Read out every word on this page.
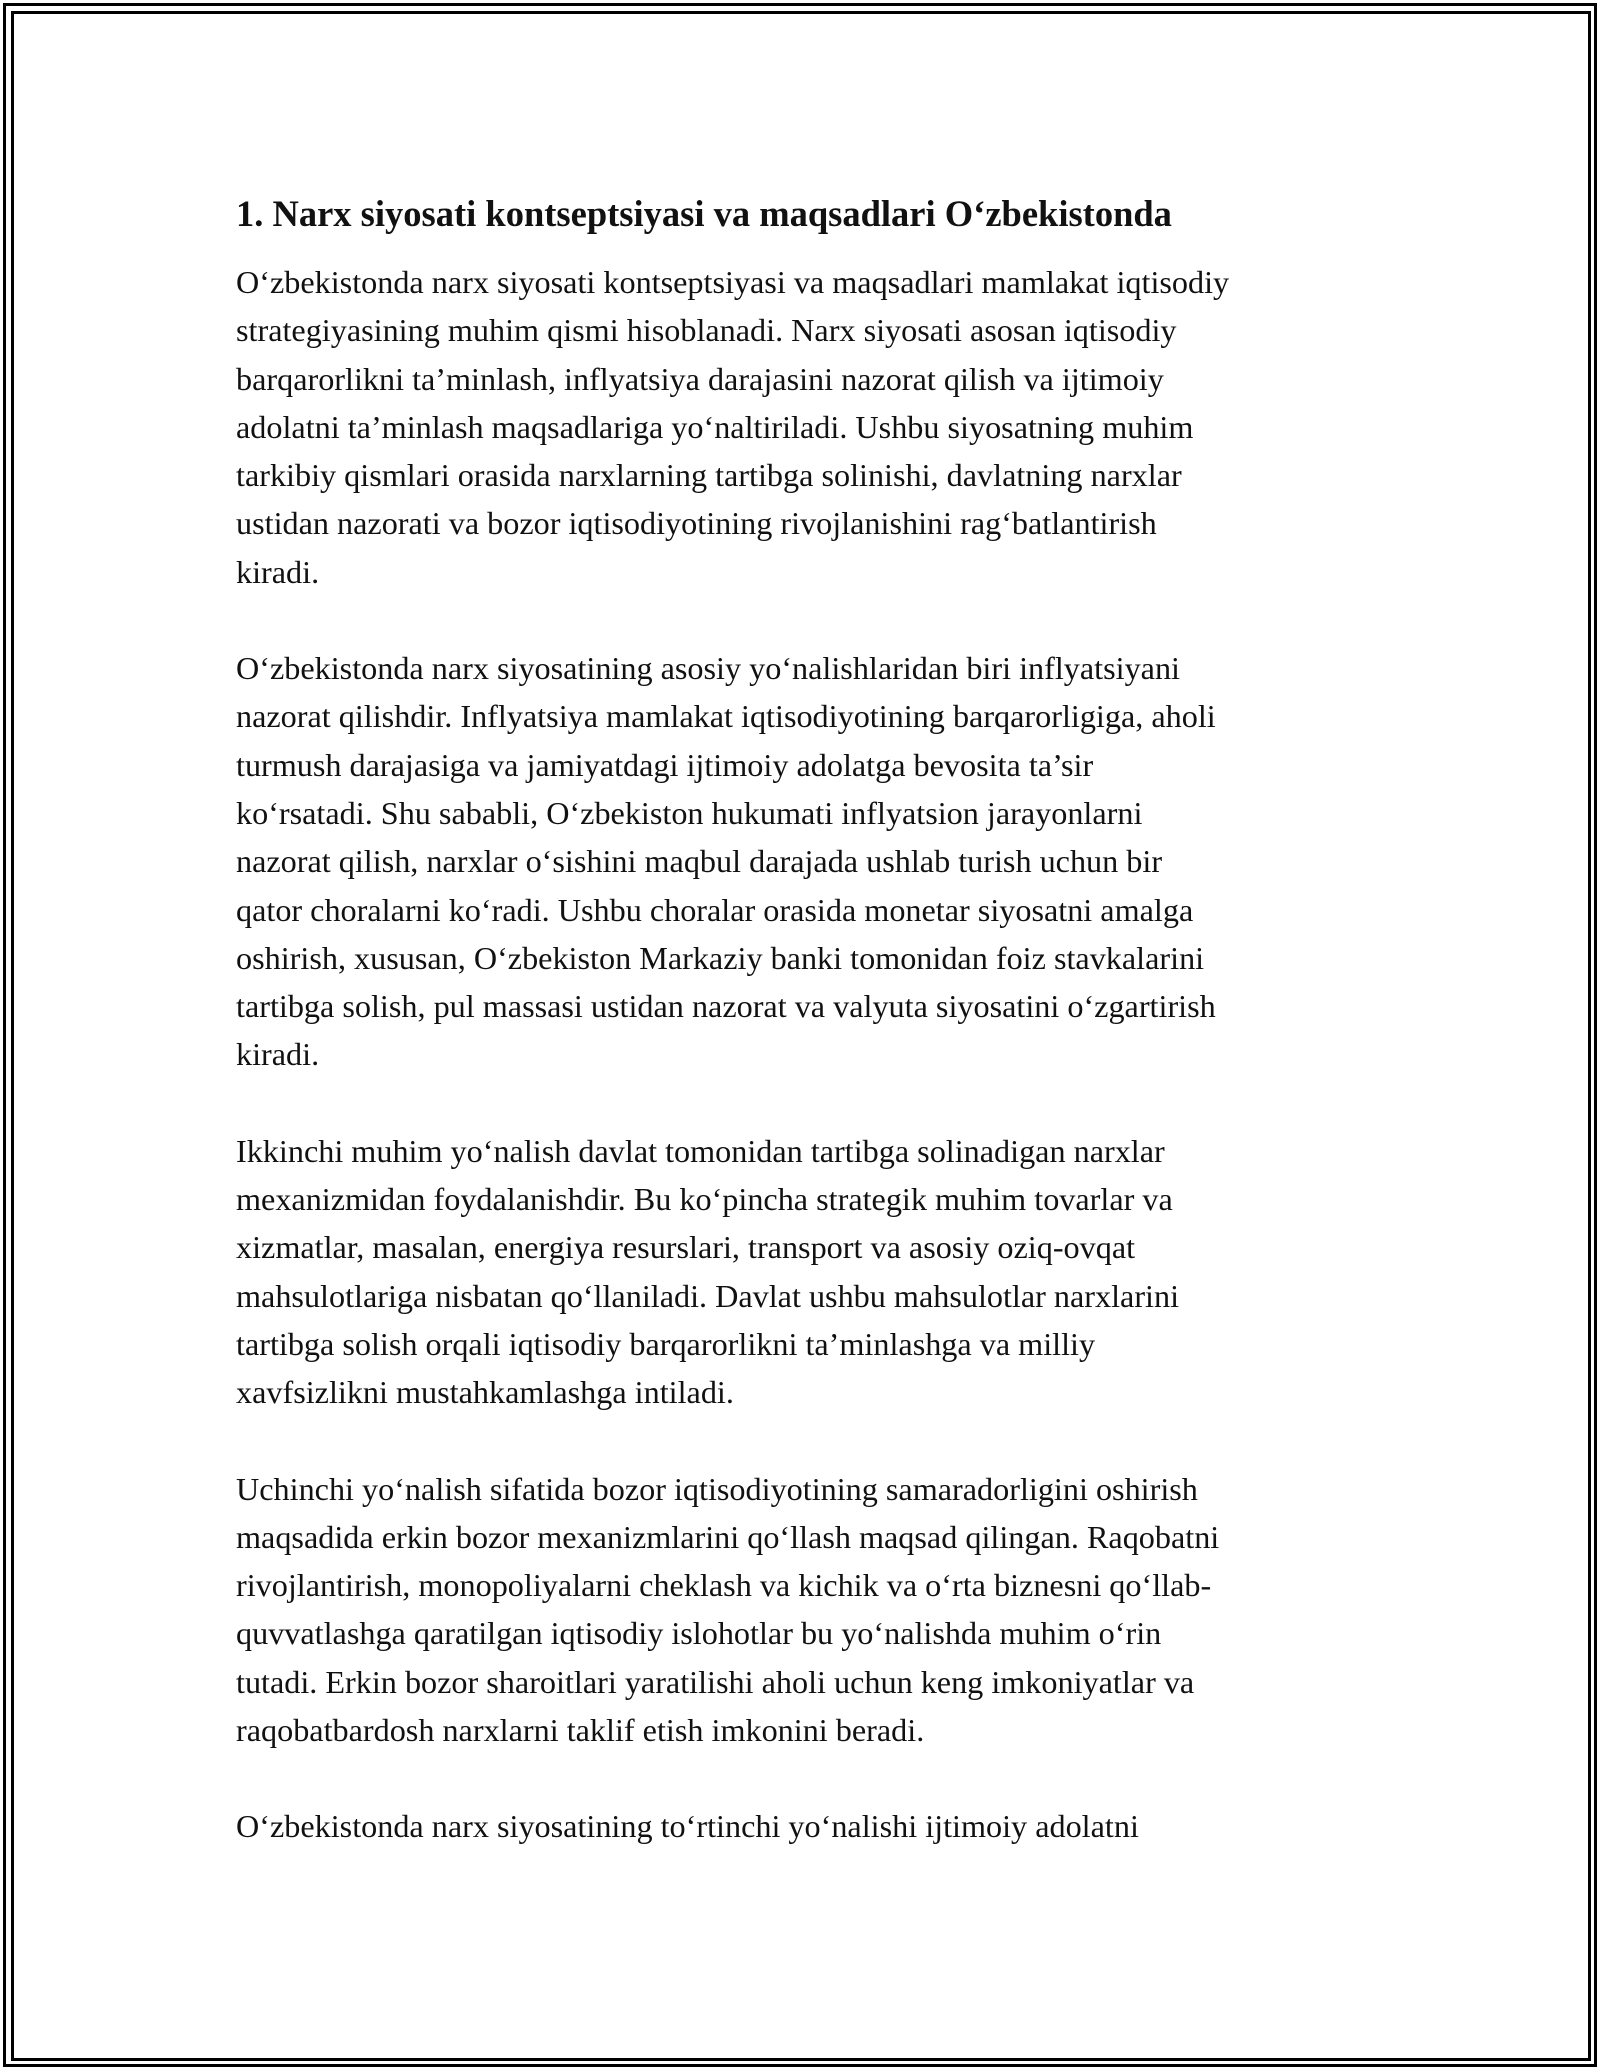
1. Narx siyosati kontseptsiyasi va maqsadlari O‘zbekistonda

O‘zbekistonda narx siyosati kontseptsiyasi va maqsadlari mamlakat iqtisodiy
strategiyasining muhim qismi hisoblanadi. Narx siyosati asosan iqtisodiy
barqarorlikni ta’minlash, inflyatsiya darajasini nazorat qilish va ijtimoiy
adolatni ta’minlash maqsadlariga yo‘naltiriladi. Ushbu siyosatning muhim
tarkibiy qismlari orasida narxlarning tartibga solinishi, davlatning narxlar
ustidan nazorati va bozor iqtisodiyotining rivojlanishini rag‘batlantirish
kiradi.

O‘zbekistonda narx siyosatining asosiy yo‘nalishlaridan biri inflyatsiyani
nazorat qilishdir. Inflyatsiya mamlakat iqtisodiyotining barqarorligiga, aholi
turmush darajasiga va jamiyatdagi ijtimoiy adolatga bevosita ta’sir
ko‘rsatadi. Shu sababli, O‘zbekiston hukumati inflyatsion jarayonlarni
nazorat qilish, narxlar o‘sishini maqbul darajada ushlab turish uchun bir
qator choralarni ko‘radi. Ushbu choralar orasida monetar siyosatni amalga
oshirish, xususan, O‘zbekiston Markaziy banki tomonidan foiz stavkalarini
tartibga solish, pul massasi ustidan nazorat va valyuta siyosatini o‘zgartirish
kiradi.

Ikkinchi muhim yo‘nalish davlat tomonidan tartibga solinadigan narxlar
mexanizmidan foydalanishdir. Bu ko‘pincha strategik muhim tovarlar va
xizmatlar, masalan, energiya resurslari, transport va asosiy oziq-ovqat
mahsulotlariga nisbatan qo‘llaniladi. Davlat ushbu mahsulotlar narxlarini
tartibga solish orqali iqtisodiy barqarorlikni ta’minlashga va milliy
xavfsizlikni mustahkamlashga intiladi.

Uchinchi yo‘nalish sifatida bozor iqtisodiyotining samaradorligini oshirish
maqsadida erkin bozor mexanizmlarini qo‘llash maqsad qilingan. Raqobatni
rivojlantirish, monopoliyalarni cheklash va kichik va o‘rta biznesni qo‘llab-
quvvatlashga qaratilgan iqtisodiy islohotlar bu yo‘nalishda muhim o‘rin
tutadi. Erkin bozor sharoitlari yaratilishi aholi uchun keng imkoniyatlar va
raqobatbardosh narxlarni taklif etish imkonini beradi.

O‘zbekistonda narx siyosatining to‘rtinchi yo‘nalishi ijtimoiy adolatni
